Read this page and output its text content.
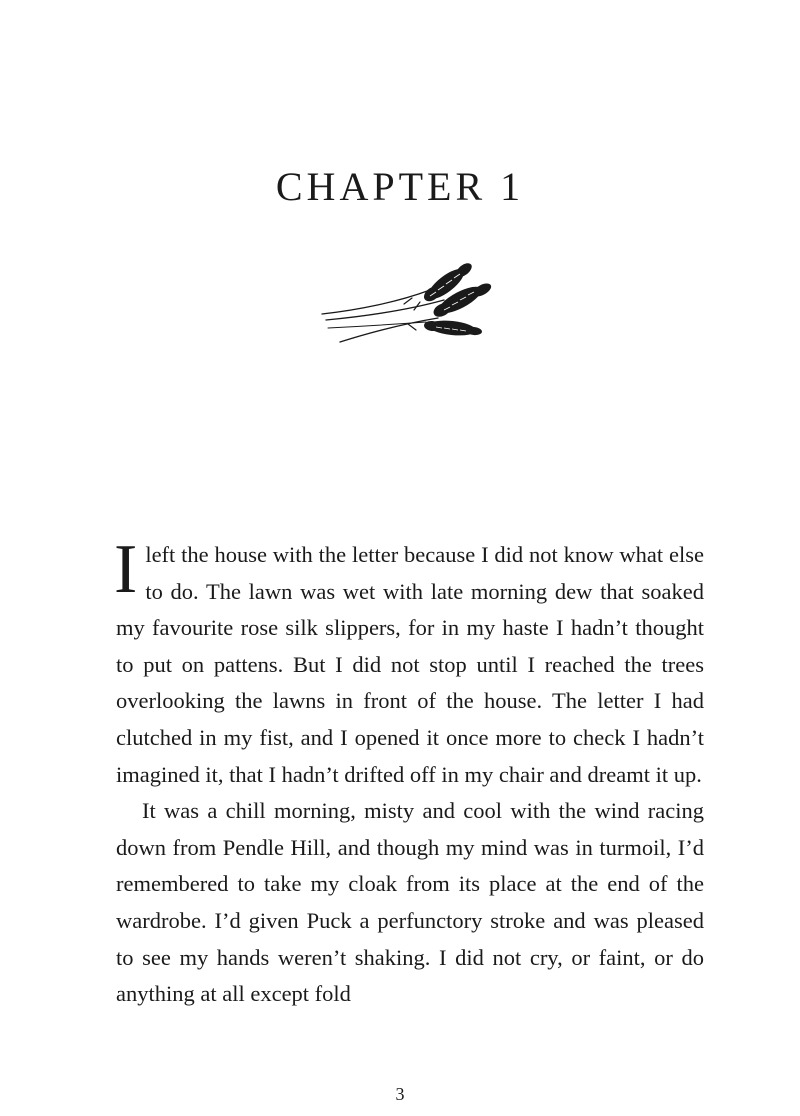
CHAPTER 1

I left the house with the letter because I did not know what else to do. The lawn was wet with late morning dew that soaked my favourite rose silk slippers, for in my haste I hadn’t thought to put on pattens. But I did not stop until I reached the trees overlooking the lawns in front of the house. The letter I had clutched in my fist, and I opened it once more to check I hadn’t imagined it, that I hadn’t drifted off in my chair and dreamt it up.

It was a chill morning, misty and cool with the wind racing down from Pendle Hill, and though my mind was in turmoil, I’d remembered to take my cloak from its place at the end of the wardrobe. I’d given Puck a perfunctory stroke and was pleased to see my hands weren’t shaking. I did not cry, or faint, or do anything at all except fold

3
